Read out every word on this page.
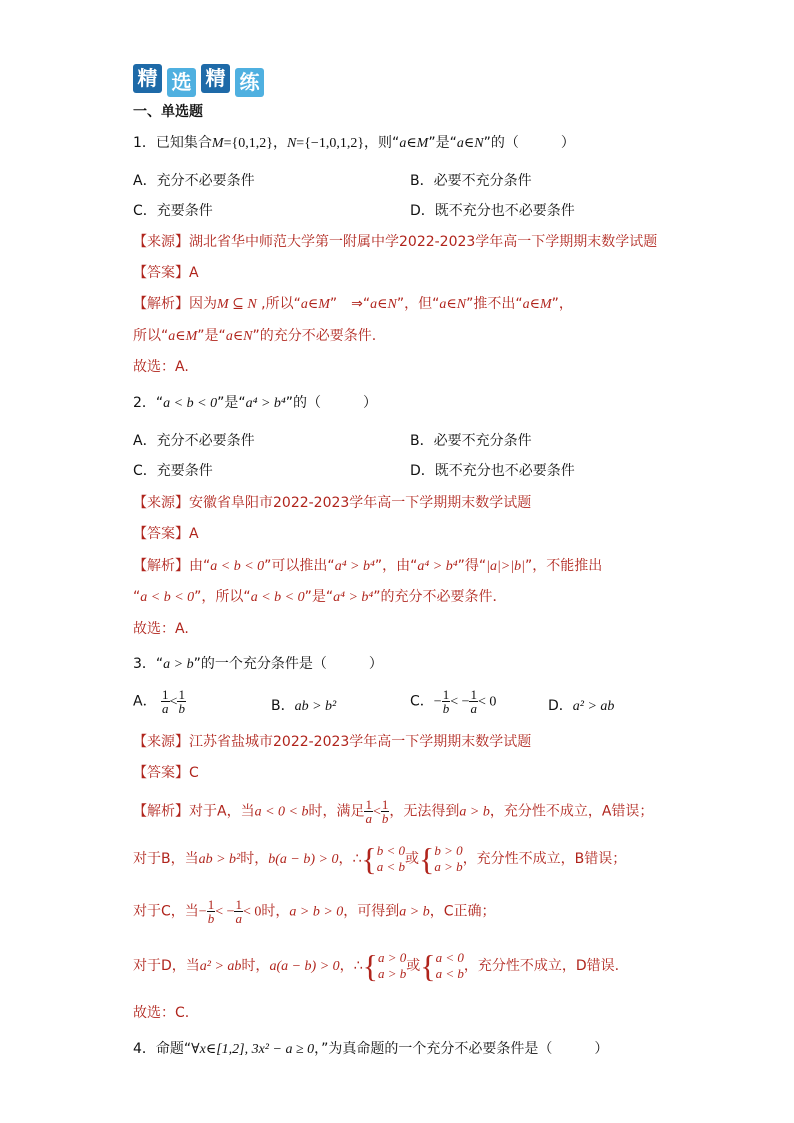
精 选 精 练
一、单选题
1．已知集合M={0,1,2}，N={−1,0,1,2}，则“a∈M”是“a∈N”的（　　　）
A．充分不必要条件	B．必要不充分条件
C．充要条件	D．既不充分也不必要条件
【来源】湖北省华中师范大学第一附属中学2022-2023学年高一下学期期末数学试题
【答案】A
【解析】因为M ⊆ N ,所以“a∈M”　⇒“a∈N”，但“a∈N”推不出“a∈M”，
所以“a∈M”是“a∈N”的充分不必要条件.
故选：A.
2．“a < b < 0”是“a⁴ > b⁴”的（　　　）
A．充分不必要条件	B．必要不充分条件
C．充要条件	D．既不充分也不必要条件
【来源】安徽省阜阳市2022-2023学年高一下学期期末数学试题
【答案】A
【解析】由“a < b < 0”可以推出“a⁴ > b⁴”，由“a⁴ > b⁴”得“|a|>|b|”，不能推出
“a < b < 0”，所以“a < b < 0”是“a⁴ > b⁴”的充分不必要条件．
故选：A.
3．“a > b”的一个充分条件是（　　　）
A． $\frac{1}{a} < \frac{1}{b}$	B．ab > b²	C．− $\frac{1}{b}$ < − $\frac{1}{a} < 0$	D．a² > ab
【来源】江苏省盐城市2022-2023学年高一下学期期末数学试题
【答案】C
【解析】对于A，当a < 0 < b时，满足 $\frac{1}{a} < \frac{1}{b}$ ，无法得到a > b，充分性不成立，A错误；
对于B，当ab > b²时，b(a − b) > 0，∴{ b < 0
a < b 或{ b > 0
a > b ，充分性不成立，B错误；
对于C，当− $\frac{1}{b}$ < − $\frac{1}{a} < 0$时，a > b > 0，可得到a > b，C正确；
对于D，当a² > ab时，a(a − b) > 0，∴{ a > 0
a > b 或{ a < 0
a < b ，充分性不成立，D错误.
故选：C.
4．命题“∀x∈[1,2], 3x² − a ≥ 0，”为真命题的一个充分不必要条件是（　　　）
